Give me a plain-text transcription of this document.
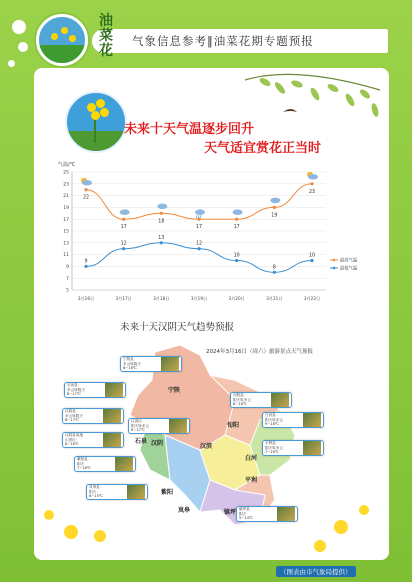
油菜花
气象信息参考‖油菜花期专题预报
未来十天气温逐步回升
天气适宜赏花正当时
气温/℃
5
7
9
11
13
15
17
19
21
23
25
3月16日	3月17日	3月18日	3月19日	3月20日	3月21日	3月22日
22
17
18
17	17
19
23
9
12
13
12
10
8
10
最高气温
最低气温
未来十天汉阴天气趋势预报
2024年3月16日（周六）旅游景点天气预报
石泉 汉阴	汉滨
紫阳
平利
岚皋
白河
旬阳
镇坪
宁陕
宁陕县：
多云转阴天
6~16℃
石泉县：
多云转阴天
8~17℃
汉阴县：
多云转阴天
8~17℃
汉阴县凤凰
山景区：
8~16℃
紫阳县：
阴天
7~16℃
汉滨区：
阴天转多云
8~17℃
旬阳县：
阴天转多云
8~18℃
白河县：
阴天转多云
9~18℃
平利县：
阴天转多云
7~16℃
岚皋县：
阴天
6~15℃
镇坪县：
阴天
5~14℃
（图表由市气象局提供）
